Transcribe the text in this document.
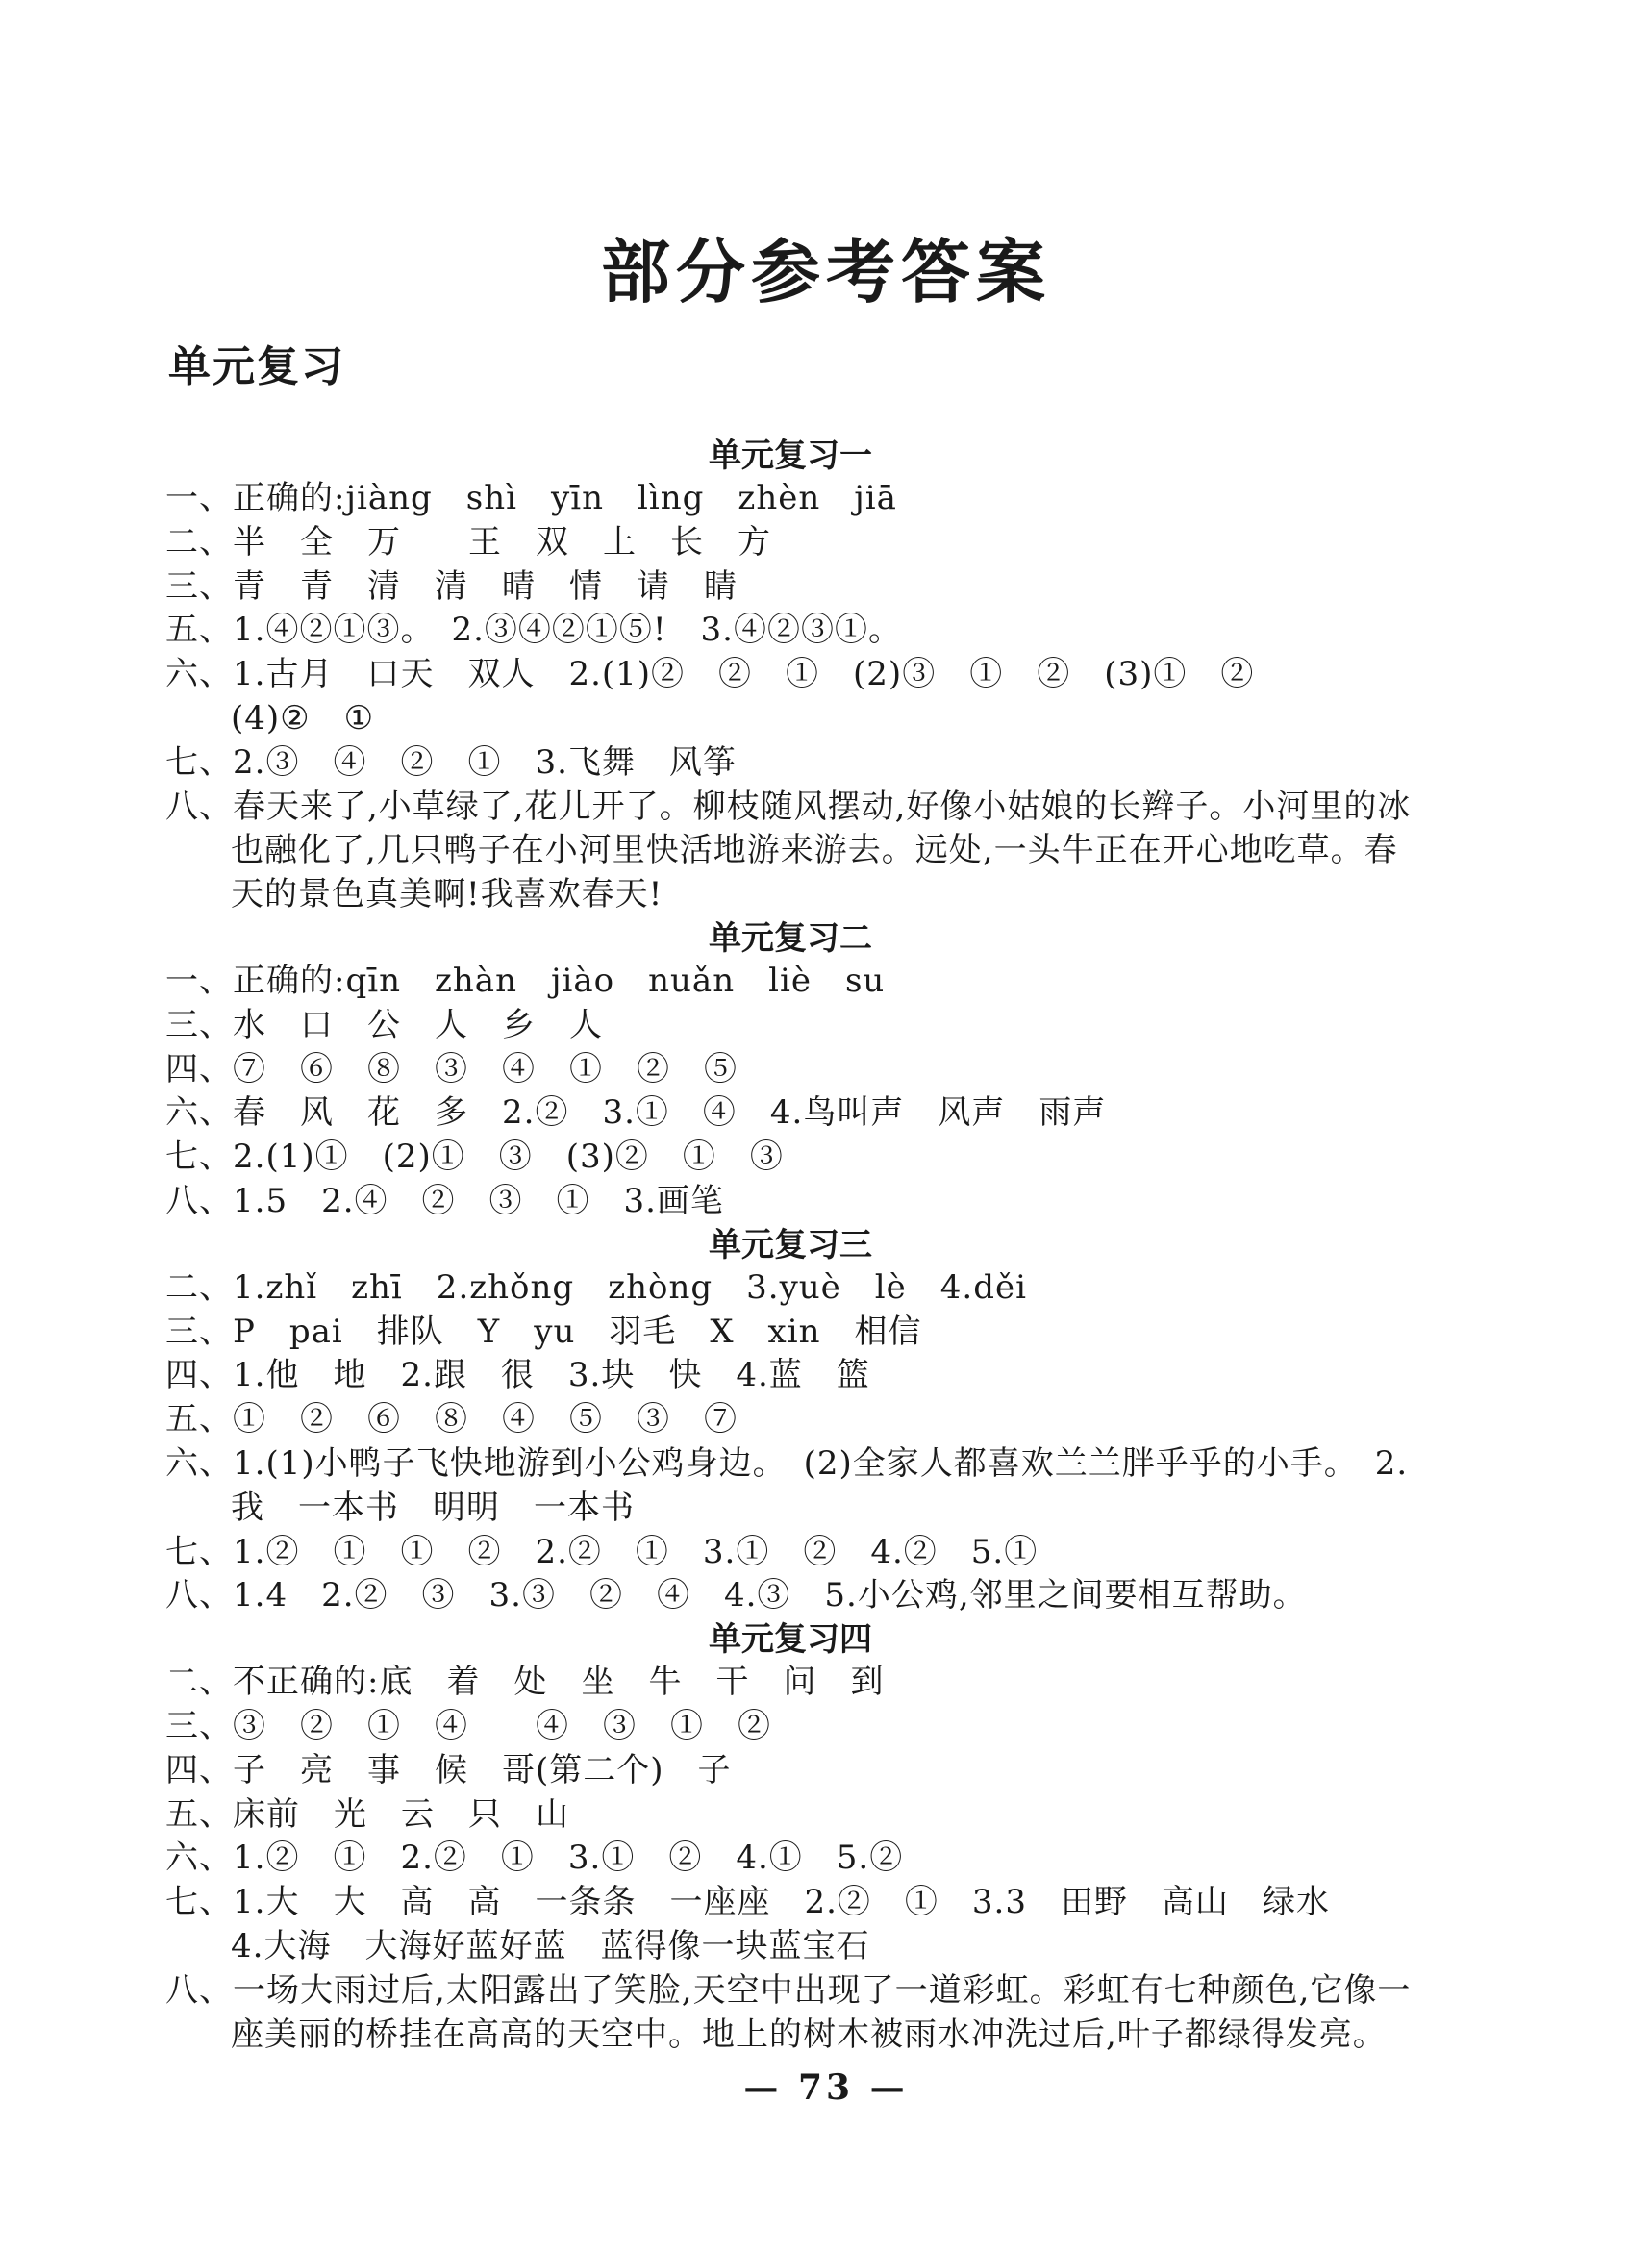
部分参考答案
单元复习
单元复习一
一、正确的:jiàng　shì　yīn　lìng　zhèn　jiā
二、半　全　万　　王　双　上　长　方
三、青　青　清　清　晴　情　请　睛
五、1.④②①③。　2.③④②①⑤!　3.④②③①。
六、1.古月　口天　双人　2.(1)②　②　①　(2)③　①　②　(3)①　②
(4)②　①
七、2.③　④　②　①　3.飞舞　风筝
八、春天来了,小草绿了,花儿开了。柳枝随风摆动,好像小姑娘的长辫子。小河里的冰也融化了,几只鸭子在小河里快活地游来游去。远处,一头牛正在开心地吃草。春天的景色真美啊!我喜欢春天!
单元复习二
一、正确的:qīn　zhàn　jiào　nuǎn　liè　su
三、水　口　公　人　乡　人
四、⑦　⑥　⑧　③　④　①　②　⑤
六、春　风　花　多　2.②　3.①　④　4.鸟叫声　风声　雨声
七、2.(1)①　(2)①　③　(3)②　①　③
八、1.5　2.④　②　③　①　3.画笔
单元复习三
二、1.zhǐ　zhī　2.zhǒng　zhòng　3.yuè　lè　4.děi
三、P　pai　排队　Y　yu　羽毛　X　xin　相信
四、1.他　地　2.跟　很　3.块　快　4.蓝　篮
五、①　②　⑥　⑧　④　⑤　③　⑦
六、1.(1)小鸭子飞快地游到小公鸡身边。　(2)全家人都喜欢兰兰胖乎乎的小手。　2.我　一本书　明明　一本书
七、1.②　①　①　②　2.②　①　3.①　②　4.②　5.①
八、1.4　2.②　③　3.③　②　④　4.③　5.小公鸡,邻里之间要相互帮助。
单元复习四
二、不正确的:底　着　处　坐　牛　干　问　到
三、③　②　①　④　　④　③　①　②
四、子　亮　事　候　哥(第二个)　子
五、床前　光　云　只　山
六、1.②　①　2.②　①　3.①　②　4.①　5.②
七、1.大　大　高　高　一条条　一座座　2.②　①　3.3　田野　高山　绿水
4.大海　大海好蓝好蓝　蓝得像一块蓝宝石
八、一场大雨过后,太阳露出了笑脸,天空中出现了一道彩虹。彩虹有七种颜色,它像一座美丽的桥挂在高高的天空中。地上的树木被雨水冲洗过后,叶子都绿得发亮。
— 73 —
